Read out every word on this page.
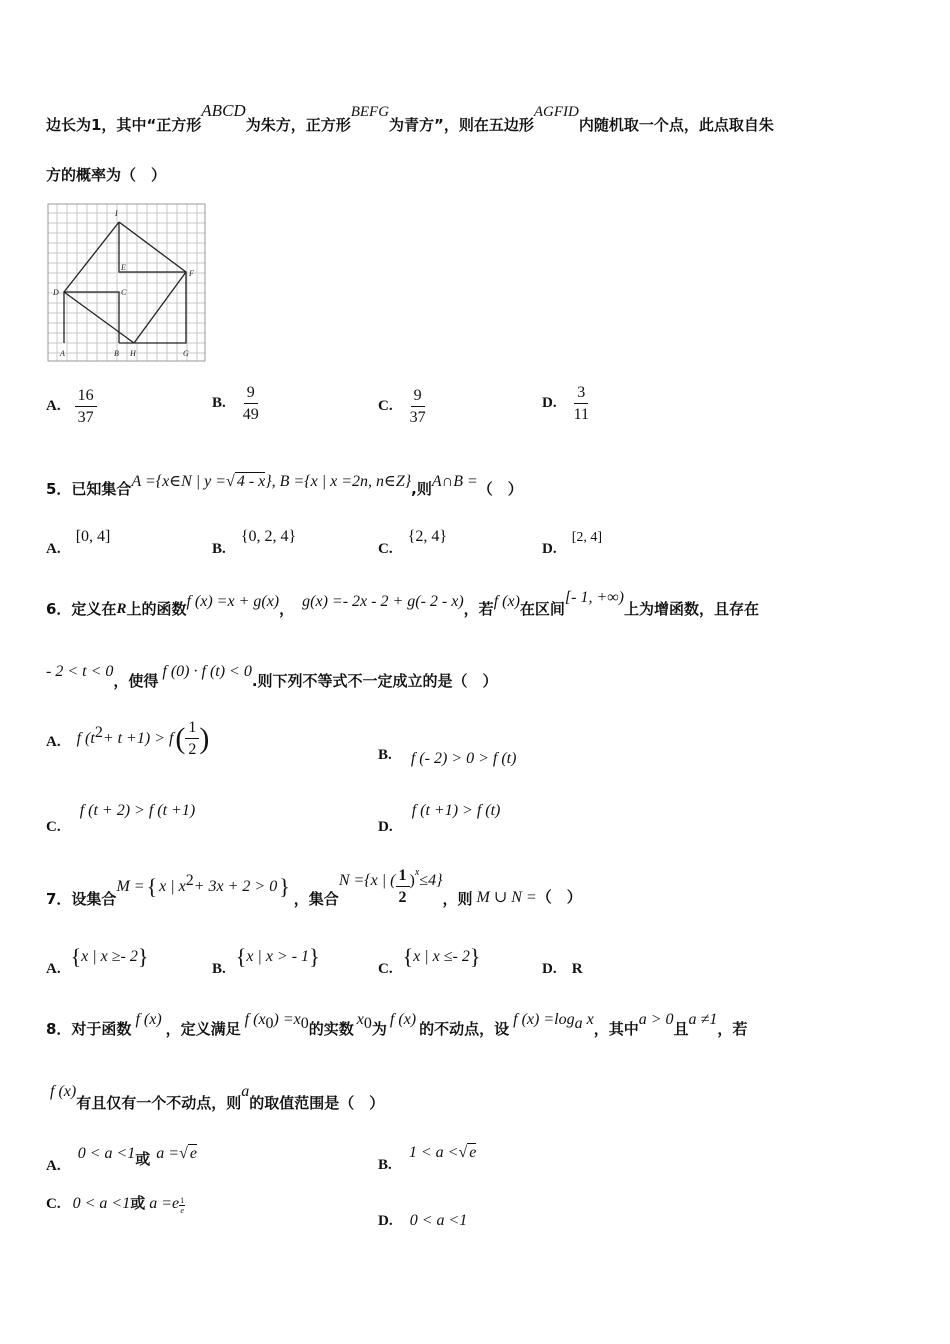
边长为1，其中“正方形ABCD为朱方，正方形BEFG为青方”，则在五边形AGFID内随机取一个点，此点取自朱
方的概率为（　）
I
E
F
D	C
A	B H	G
A. $\frac{16}{37}$	B. $\frac{9}{49}$	C. $\frac{9}{37}$	D. $\frac{3}{11}$
5．已知集合A ={x∈N | y =√ 4 - x}, B ={x | x =2n, n∈Z},则A∩B =（　）
A. [0, 4]
B. {0, 2, 4}
C. {2, 4}
D. [2, 4]
6．定义在R上的函数f (x) =x + g(x)， g(x) =- 2x - 2 + g(- 2 - x)，若f (x)在区间[- 1, +∞)上为增函数，且存在
- 2 < t < 0，使得f (0) · f (t) < 0.则下列不等式不一定成立的是（　）
A. f $(t^2 + t +1) > f$ ( $\frac{1}{2}$ )
B. f (- 2) > 0 > f (t)
C. f (t + 2) > f (t +1)
D. f (t +1) > f (t)
7．设集合
M = { x | $x^2 + 3x + 2 > 0$ }
，集合
N ={x | ( $\frac{1}{2} )^x \le 4$}
，则 M ∪ N = （　）
A. { x | x ≥- 2 }	B. { x | x > - 1 }	C. { x | x ≤- 2 }	D. R
8．对于函数f (x)，定义满足f $(x_0) =x_0$的实数$x_0$为f (x)的不动点，设f $(x) =\log_a$ x，其中a > 0且a ≠1，若
f (x)有且仅有一个不动点，则a的取值范围是（　）
A. 0 < a <1或 a =√ e
B. 1 < a <√ e
C. 0 < a <1 或 $a =e \frac{1}{e}$
D. 0 < a <1
